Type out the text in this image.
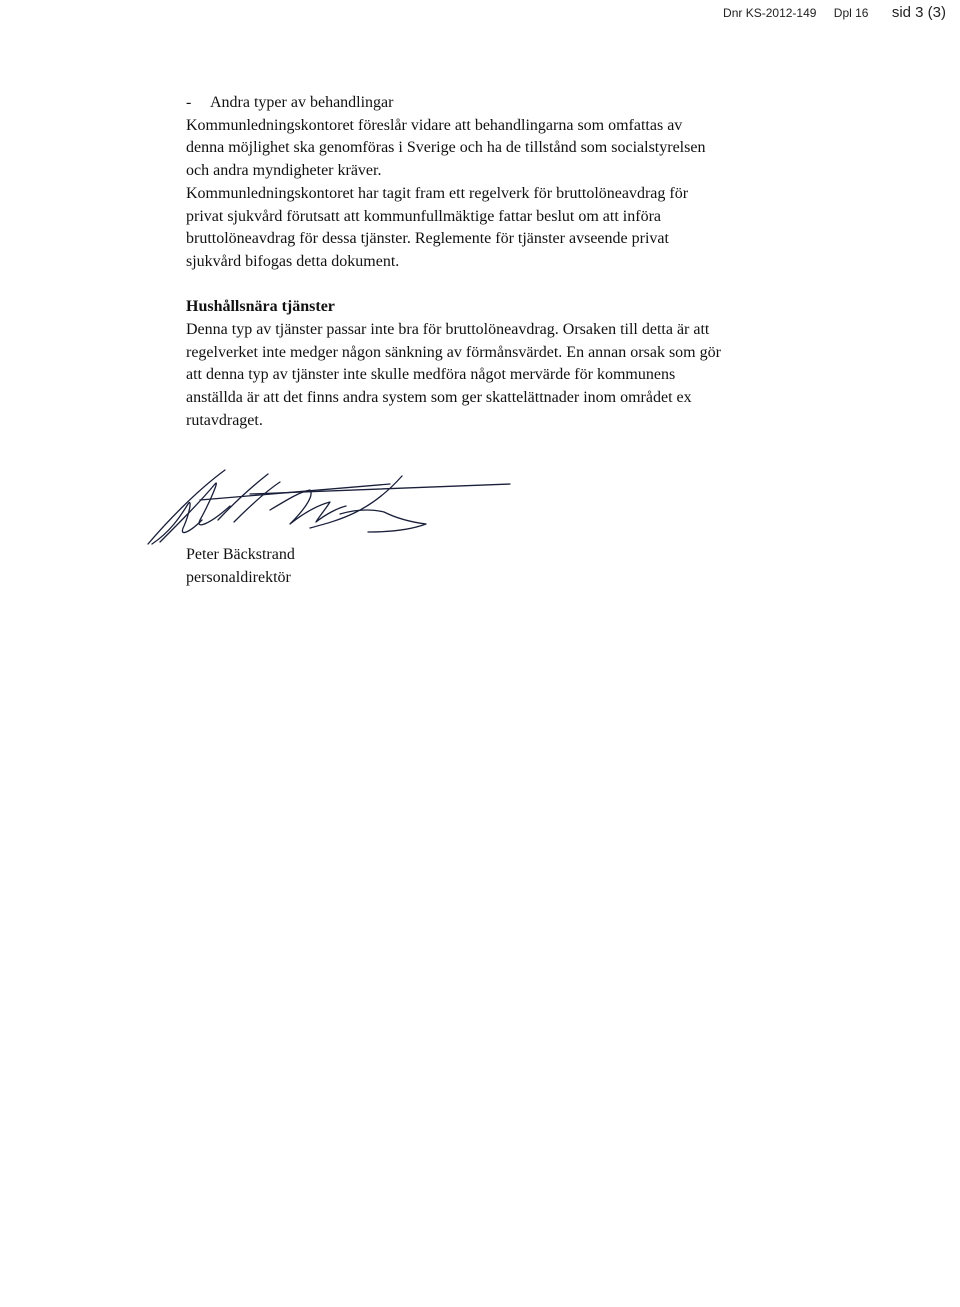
Dnr KS-2012-149 Dpl 16 sid 3 (3)
- Andra typer av behandlingar
Kommunledningskontoret föreslår vidare att behandlingarna som omfattas av
denna möjlighet ska genomföras i Sverige och ha de tillstånd som socialstyrelsen
och andra myndigheter kräver.
Kommunledningskontoret har tagit fram ett regelverk för bruttolöneavdrag för
privat sjukvård förutsatt att kommunfullmäktige fattar beslut om att införa
bruttolöneavdrag för dessa tjänster. Reglemente för tjänster avseende privat
sjukvård bifogas detta dokument.
Hushållsnära tjänster
Denna typ av tjänster passar inte bra för bruttolöneavdrag. Orsaken till detta är att
regelverket inte medger någon sänkning av förmånsvärdet. En annan orsak som gör
att denna typ av tjänster inte skulle medföra något mervärde för kommunens
anställda är att det finns andra system som ger skattelättnader inom området ex
rutavdraget.
Peter Bäckstrand
personaldirektör
